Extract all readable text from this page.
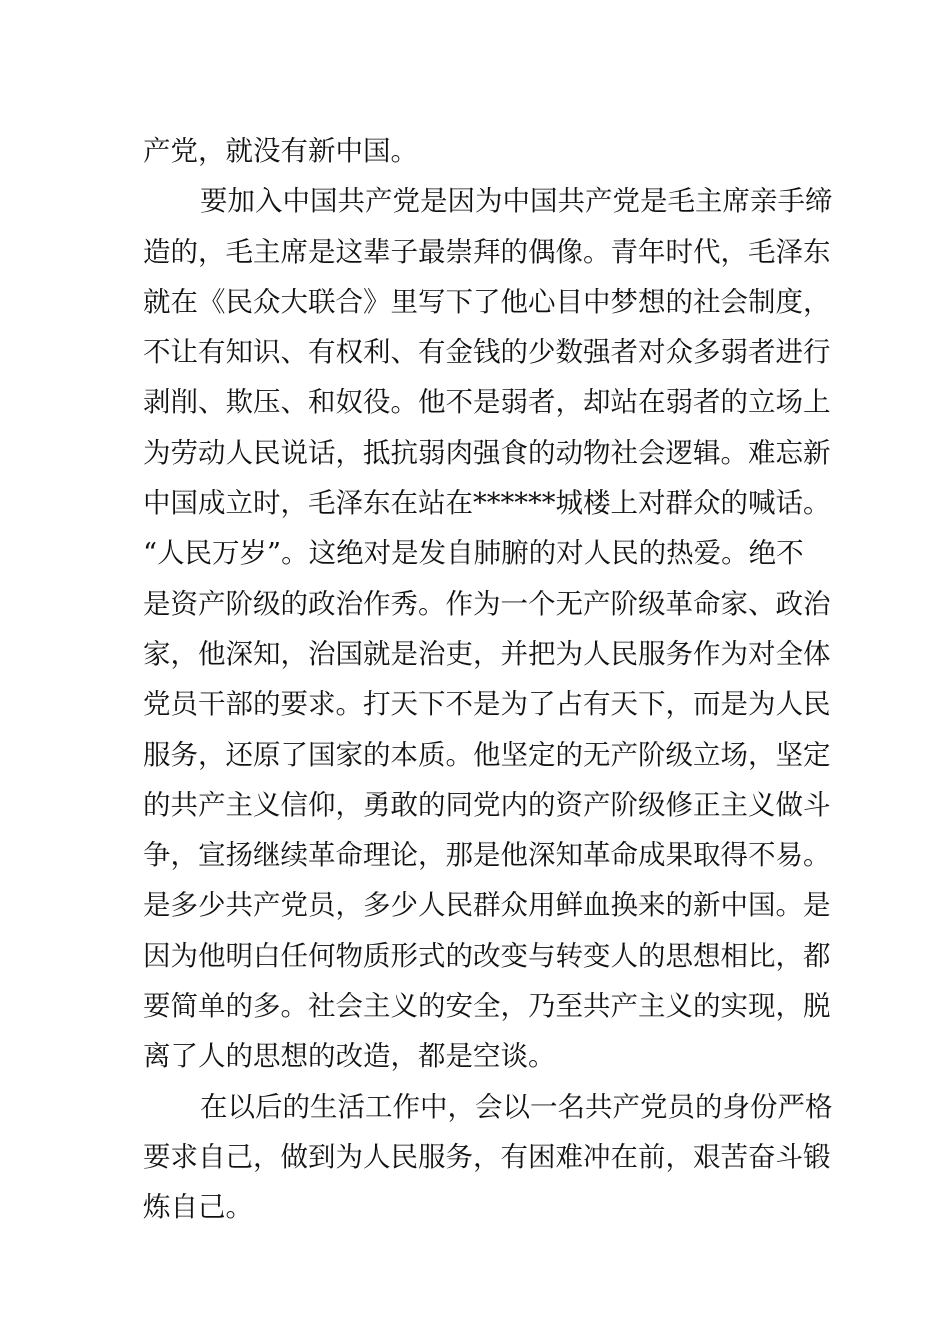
产党，就没有新中国。
要加入中国共产党是因为中国共产党是毛主席亲手缔
造的，毛主席是这辈子最崇拜的偶像。青年时代，毛泽东
就在《民众大联合》里写下了他心目中梦想的社会制度，
不让有知识、有权利、有金钱的少数强者对众多弱者进行
剥削、欺压、和奴役。他不是弱者，却站在弱者的立场上
为劳动人民说话，抵抗弱肉强食的动物社会逻辑。难忘新
中国成立时，毛泽东在站在******城楼上对群众的喊话。
“人民万岁”。这绝对是发自肺腑的对人民的热爱。绝不
是资产阶级的政治作秀。作为一个无产阶级革命家、政治
家，他深知，治国就是治吏，并把为人民服务作为对全体
党员干部的要求。打天下不是为了占有天下，而是为人民
服务，还原了国家的本质。他坚定的无产阶级立场，坚定
的共产主义信仰，勇敢的同党内的资产阶级修正主义做斗
争，宣扬继续革命理论，那是他深知革命成果取得不易。
是多少共产党员，多少人民群众用鲜血换来的新中国。是
因为他明白任何物质形式的改变与转变人的思想相比，都
要简单的多。社会主义的安全，乃至共产主义的实现，脱
离了人的思想的改造，都是空谈。
在以后的生活工作中，会以一名共产党员的身份严格
要求自己，做到为人民服务，有困难冲在前，艰苦奋斗锻
炼自己。
